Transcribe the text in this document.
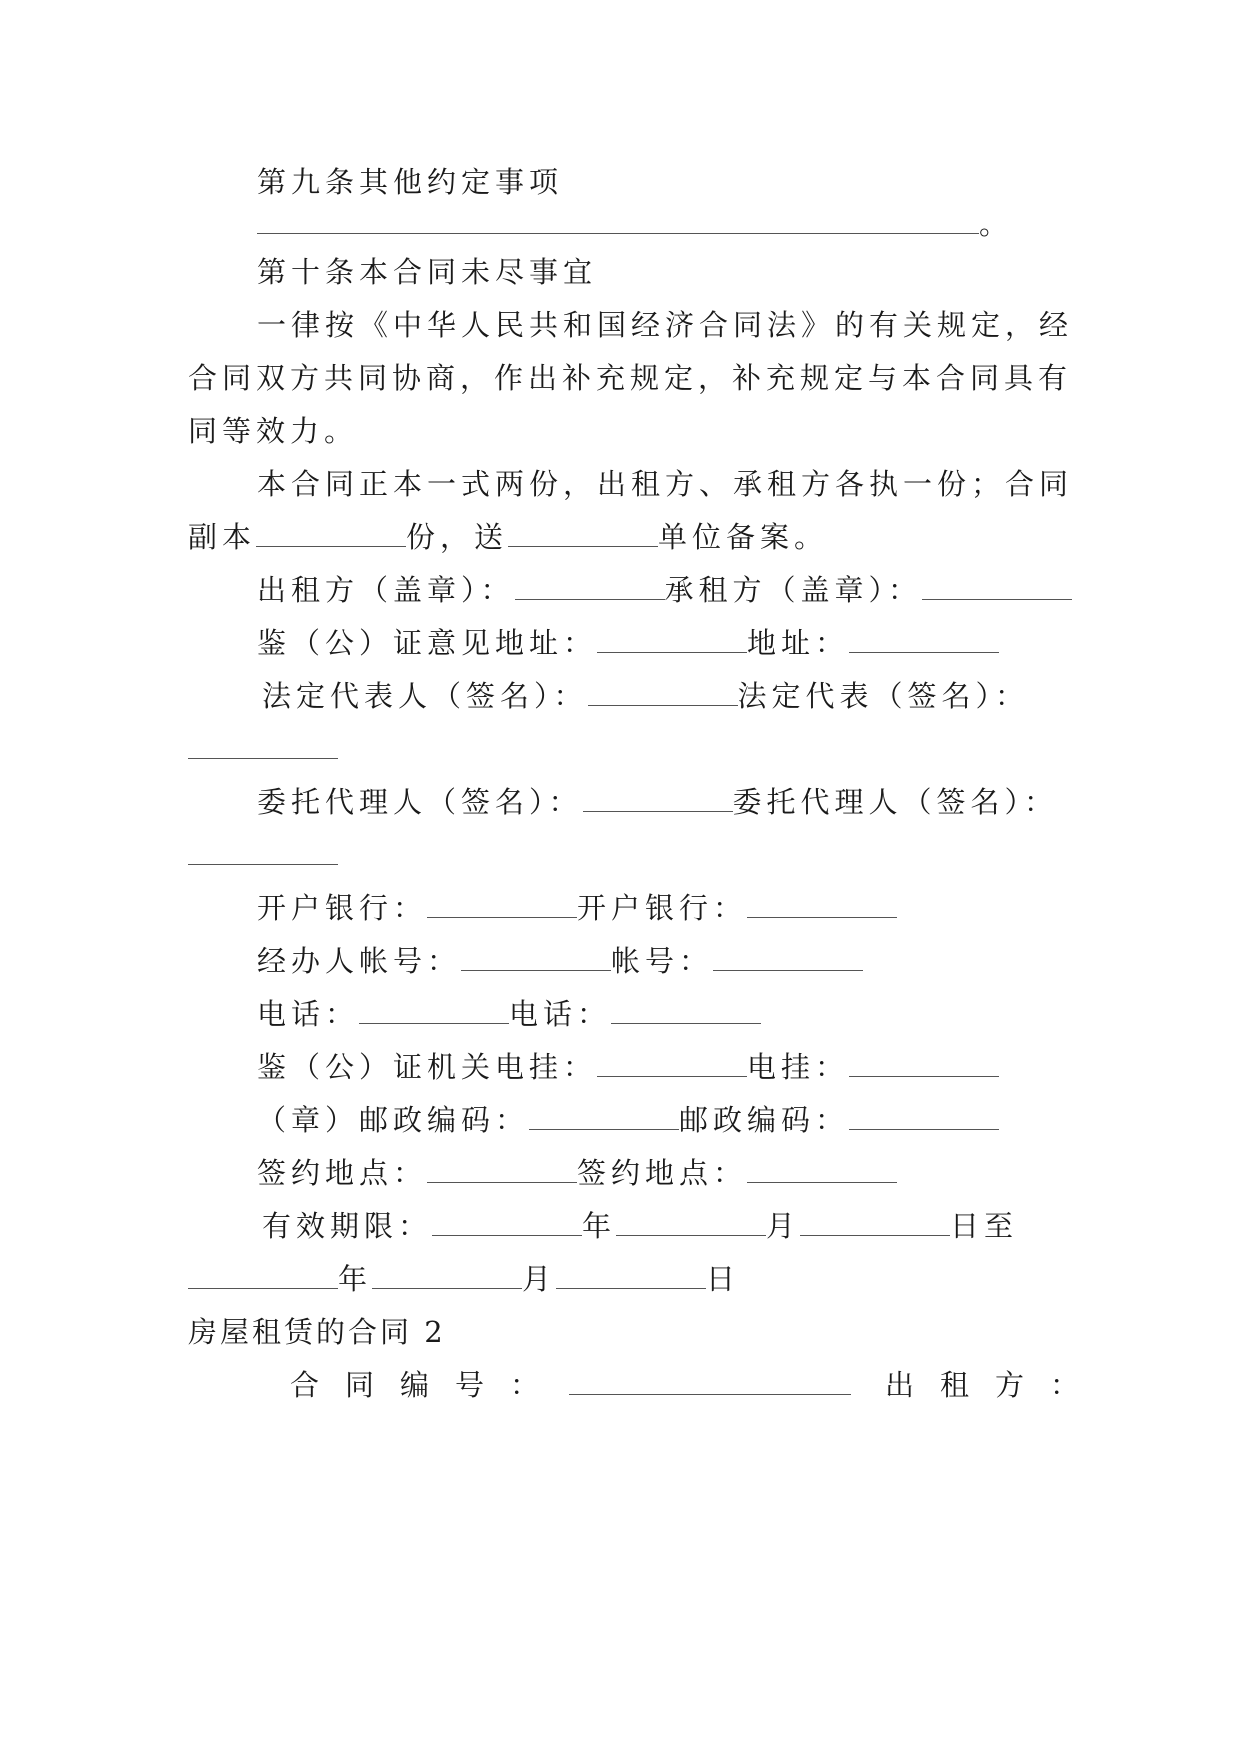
第九条其他约定事项
。
第十条本合同未尽事宜
一律按《中华人民共和国经济合同法》的有关规定，经
合同双方共同协商，作出补充规定，补充规定与本合同具有
同等效力。
本合同正本一式两份，出租方、承租方各执一份；合同
副本	份，送	单位备案。
出租方（盖章）：	承租方（盖章）：
鉴（公）证意见地址：	地址：
法定代表人（签名）：	法定代表（签名）：
委托代理人（签名）：	委托代理人（签名）：
开户银行：	开户银行：
经办人帐号：	帐号：
电话：	电话：
鉴（公）证机关电挂：	电挂：
（章）邮政编码：	邮政编码：
签约地点：	签约地点：
有效期限：	年	月	日至
年	月	日
房屋租赁的合同 2
合同编号：	出租方：
